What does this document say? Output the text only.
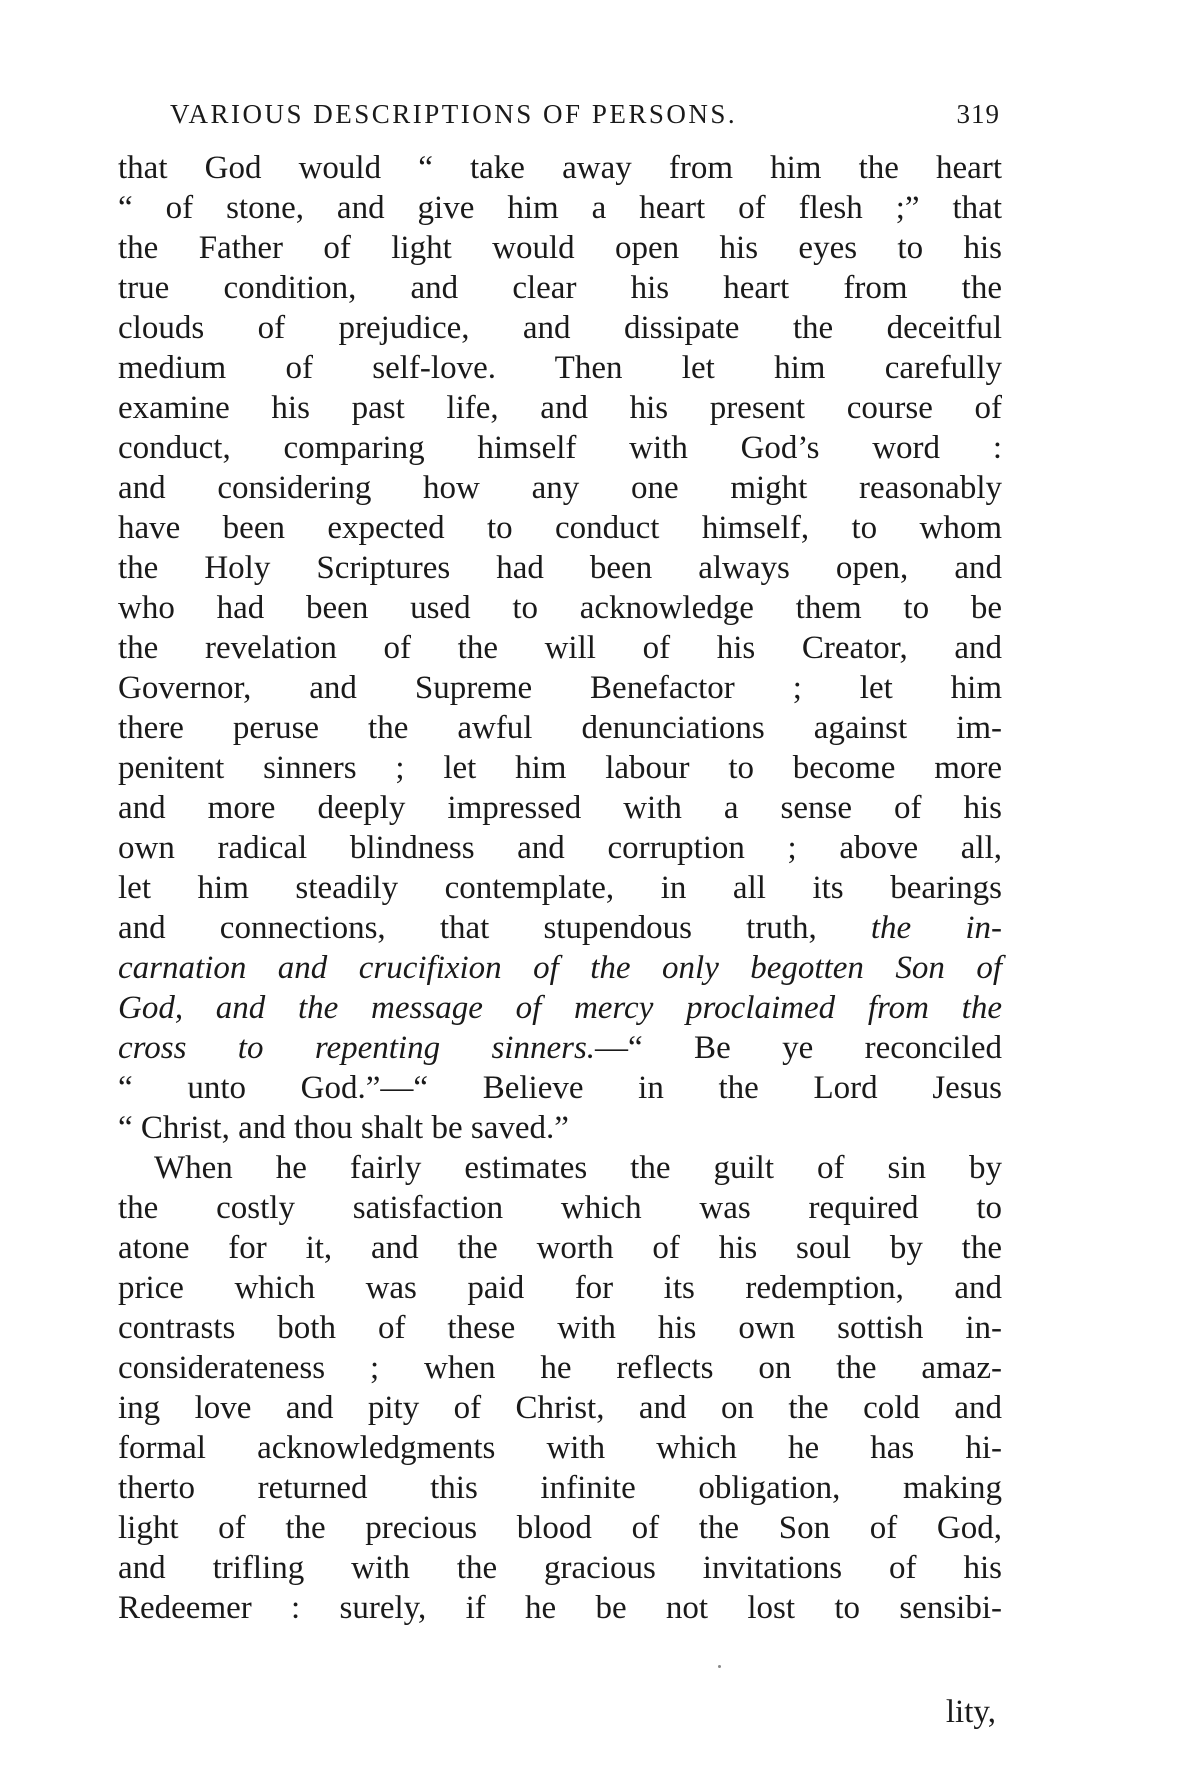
VARIOUS DESCRIPTIONS OF PERSONS.	319
that God would “ take away from him the heart
“ of stone, and give him a heart of flesh ;” that
the Father of light would open his eyes to his
true condition, and clear his heart from the
clouds of prejudice, and dissipate the deceitful
medium of self-love. Then let him carefully
examine his past life, and his present course of
conduct, comparing himself with God’s word :
and considering how any one might reasonably
have been expected to conduct himself, to whom
the Holy Scriptures had been always open, and
who had been used to acknowledge them to be
the revelation of the will of his Creator, and
Governor, and Supreme Benefactor ; let him
there peruse the awful denunciations against im-
penitent sinners ; let him labour to become more
and more deeply impressed with a sense of his
own radical blindness and corruption ; above all,
let him steadily contemplate, in all its bearings
and connections, that stupendous truth, the in-
carnation and crucifixion of the only begotten Son of
God, and the message of mercy proclaimed from the
cross to repenting sinners.—“ Be ye reconciled
“ unto God.”—“ Believe in the Lord Jesus
“ Christ, and thou shalt be saved.”
When he fairly estimates the guilt of sin by
the costly satisfaction which was required to
atone for it, and the worth of his soul by the
price which was paid for its redemption, and
contrasts both of these with his own sottish in-
considerateness ; when he reflects on the amaz-
ing love and pity of Christ, and on the cold and
formal acknowledgments with which he has hi-
therto returned this infinite obligation, making
light of the precious blood of the Son of God,
and trifling with the gracious invitations of his
Redeemer : surely, if he be not lost to sensibi-
lity,
